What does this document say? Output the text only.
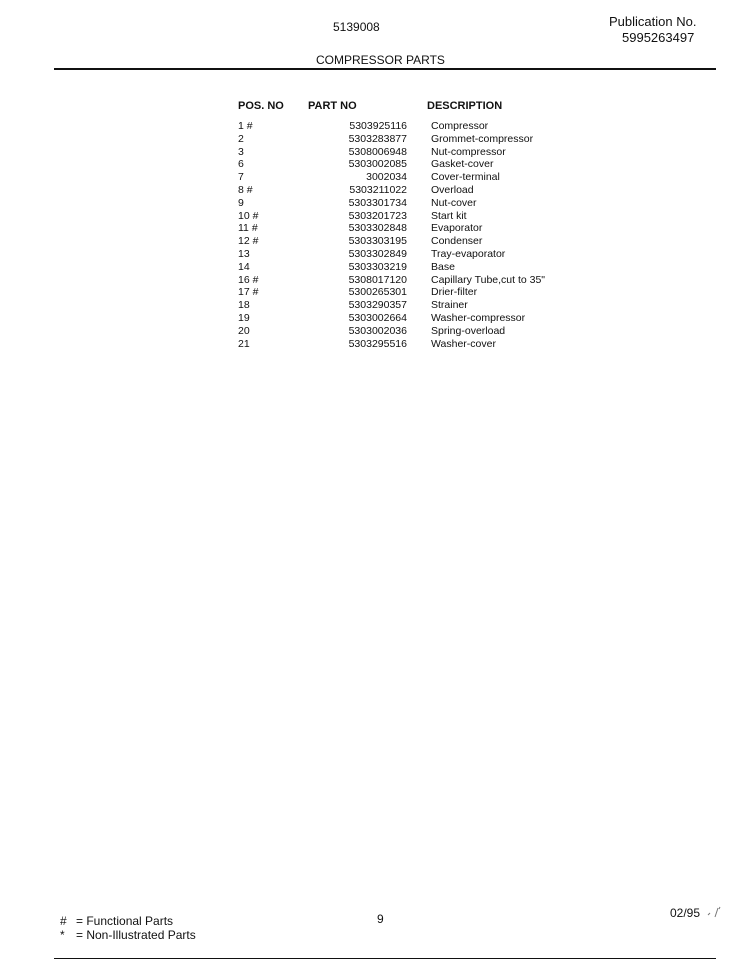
5139008	Publication No.
5995263497
COMPRESSOR PARTS
POS. NO	PART NO	DESCRIPTION
1 #	5303925116	Compressor
2	5303283877	Grommet-compressor
3	5308006948	Nut-compressor
6	5303002085	Gasket-cover
7	3002034	Cover-terminal
8 #	5303211022	Overload
9	5303301734	Nut-cover
10 #	5303201723	Start kit
11 #	5303302848	Evaporator
12 #	5303303195	Condenser
13	5303302849	Tray-evaporator
14	5303303219	Base
16 #	5308017120	Capillary Tube,cut to 35"
17 #	5300265301	Drier-filter
18	5303290357	Strainer
19	5303002664	Washer-compressor
20	5303002036	Spring-overload
21	5303295516	Washer-cover
# = Functional Parts
* = Non-Illustrated Parts
9	02/95
